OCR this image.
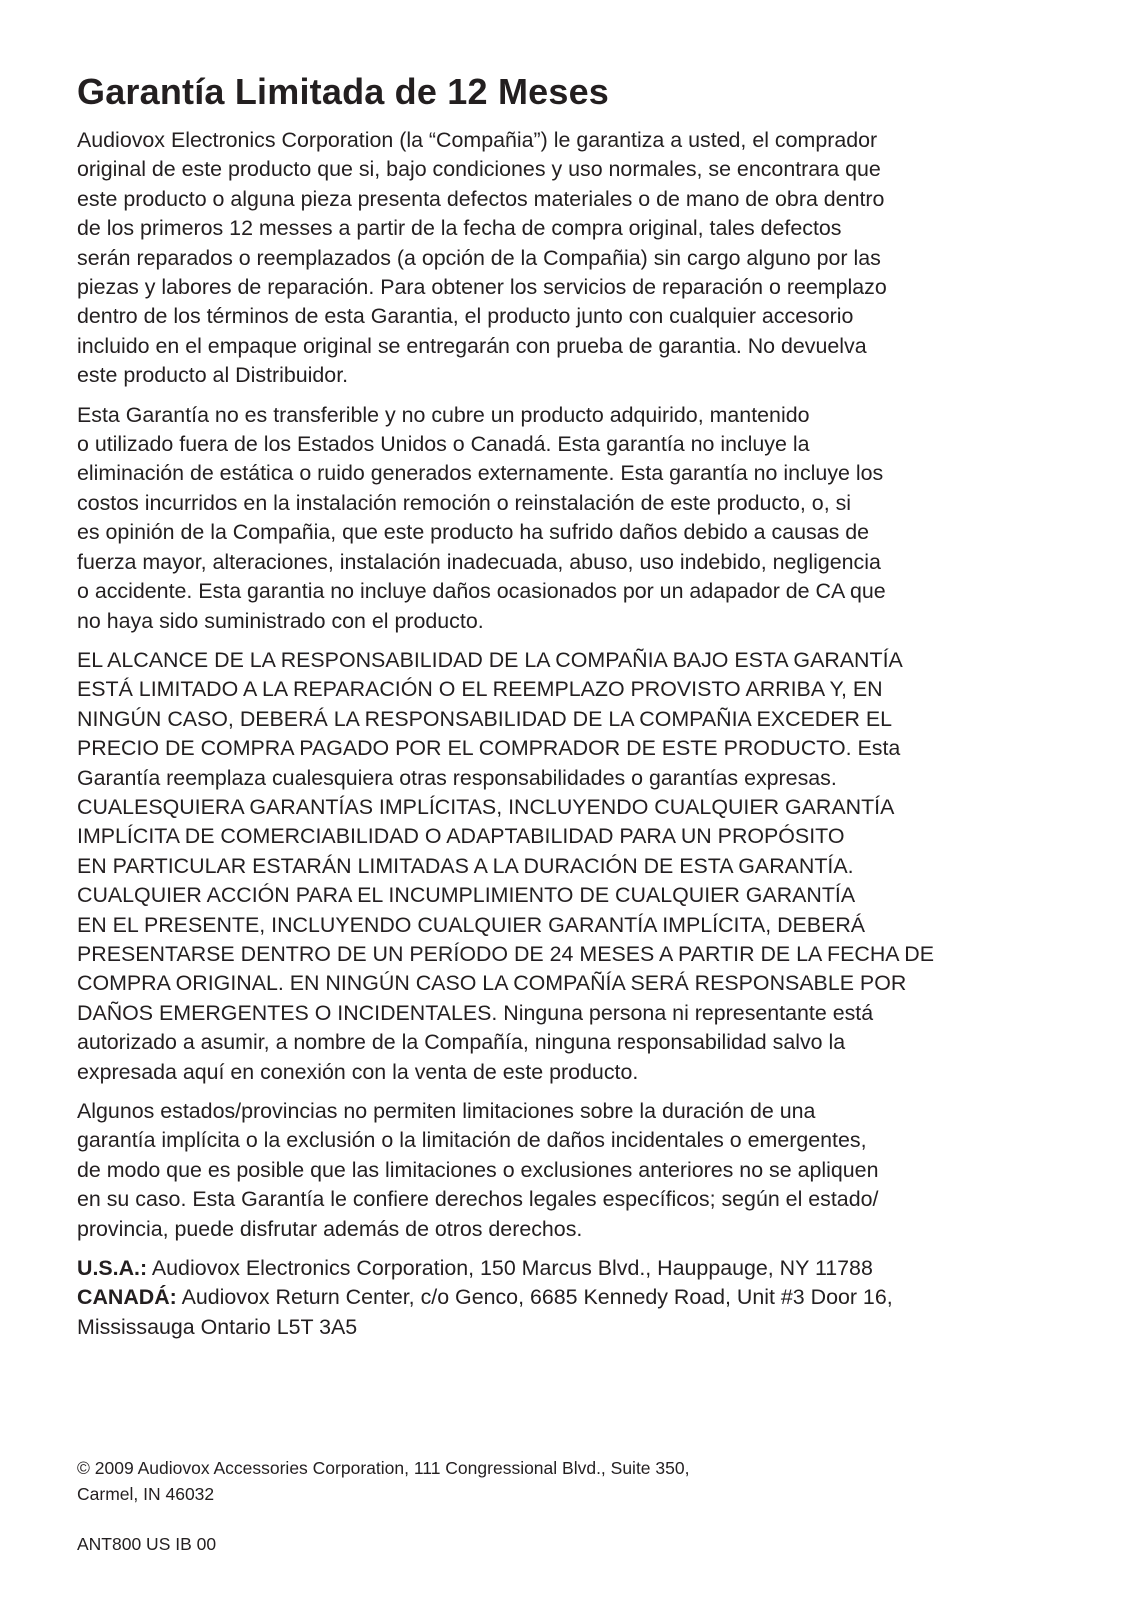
Garantía Limitada de 12 Meses

Audiovox Electronics Corporation (la “Compañia”) le garantiza a usted, el comprador
original de este producto que si, bajo condiciones y uso normales, se encontrara que
este producto o alguna pieza presenta defectos materiales o de mano de obra dentro
de los primeros 12 messes a partir de la fecha de compra original, tales defectos
serán reparados o reemplazados (a opción de la Compañia) sin cargo alguno por las
piezas y labores de reparación. Para obtener los servicios de reparación o reemplazo
dentro de los términos de esta Garantia, el producto junto con cualquier accesorio
incluido en el empaque original se entregarán con prueba de garantia. No devuelva
este producto al Distribuidor.

Esta Garantía no es transferible y no cubre un producto adquirido, mantenido
o utilizado fuera de los Estados Unidos o Canadá. Esta garantía no incluye la
eliminación de estática o ruido generados externamente. Esta garantía no incluye los
costos incurridos en la instalación remoción o reinstalación de este producto, o, si
es opinión de la Compañia, que este producto ha sufrido daños debido a causas de
fuerza mayor, alteraciones, instalación inadecuada, abuso, uso indebido, negligencia
o accidente. Esta garantia no incluye daños ocasionados por un adapador de CA que
no haya sido suministrado con el producto.

EL ALCANCE DE LA RESPONSABILIDAD DE LA COMPAÑIA BAJO ESTA GARANTÍA
ESTÁ LIMITADO A LA REPARACIÓN O EL REEMPLAZO PROVISTO ARRIBA Y, EN
NINGÚN CASO, DEBERÁ LA RESPONSABILIDAD DE LA COMPAÑIA EXCEDER EL
PRECIO DE COMPRA PAGADO POR EL COMPRADOR DE ESTE PRODUCTO. Esta
Garantía reemplaza cualesquiera otras responsabilidades o garantías expresas.
CUALESQUIERA GARANTÍAS IMPLÍCITAS, INCLUYENDO CUALQUIER GARANTÍA
IMPLÍCITA DE COMERCIABILIDAD O ADAPTABILIDAD PARA UN PROPÓSITO
EN PARTICULAR ESTARÁN LIMITADAS A LA DURACIÓN DE ESTA GARANTÍA.
CUALQUIER ACCIÓN PARA EL INCUMPLIMIENTO DE CUALQUIER GARANTÍA
EN EL PRESENTE, INCLUYENDO CUALQUIER GARANTÍA IMPLÍCITA, DEBERÁ
PRESENTARSE DENTRO DE UN PERÍODO DE 24 MESES A PARTIR DE LA FECHA DE
COMPRA ORIGINAL. EN NINGÚN CASO LA COMPAÑÍA SERÁ RESPONSABLE POR
DAÑOS EMERGENTES O INCIDENTALES. Ninguna persona ni representante está
autorizado a asumir, a nombre de la Compañía, ninguna responsabilidad salvo la
expresada aquí en conexión con la venta de este producto.

Algunos estados/provincias no permiten limitaciones sobre la duración de una
garantía implícita o la exclusión o la limitación de daños incidentales o emergentes,
de modo que es posible que las limitaciones o exclusiones anteriores no se apliquen
en su caso. Esta Garantía le confiere derechos legales específicos; según el estado/
provincia, puede disfrutar además de otros derechos.

U.S.A.: Audiovox Electronics Corporation, 150 Marcus Blvd., Hauppauge, NY 11788
CANADÁ: Audiovox Return Center, c/o Genco, 6685 Kennedy Road, Unit #3 Door 16,
Mississauga Ontario L5T 3A5
© 2009 Audiovox Accessories Corporation, 111 Congressional Blvd., Suite 350,
Carmel, IN 46032
ANT800 US IB 00
